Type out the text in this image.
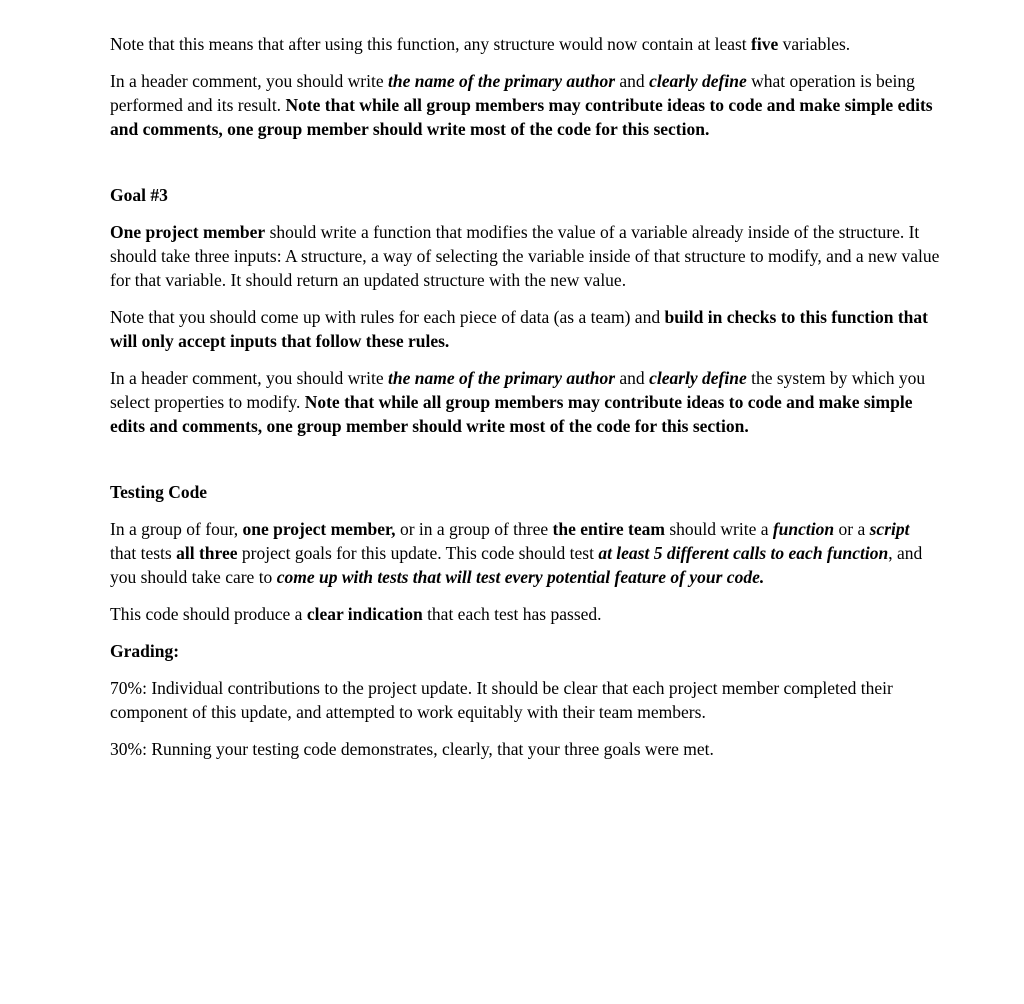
Note that this means that after using this function, any structure would now contain at least five variables.

In a header comment, you should write the name of the primary author and clearly define what operation is being performed and its result. Note that while all group members may contribute ideas to code and make simple edits and comments, one group member should write most of the code for this section.

Goal #3

One project member should write a function that modifies the value of a variable already inside of the structure. It should take three inputs: A structure, a way of selecting the variable inside of that structure to modify, and a new value for that variable. It should return an updated structure with the new value.

Note that you should come up with rules for each piece of data (as a team) and build in checks to this function that will only accept inputs that follow these rules.

In a header comment, you should write the name of the primary author and clearly define the system by which you select properties to modify. Note that while all group members may contribute ideas to code and make simple edits and comments, one group member should write most of the code for this section.

Testing Code

In a group of four, one project member, or in a group of three the entire team should write a function or a script that tests all three project goals for this update. This code should test at least 5 different calls to each function, and you should take care to come up with tests that will test every potential feature of your code.

This code should produce a clear indication that each test has passed.

Grading:

70%: Individual contributions to the project update. It should be clear that each project member completed their component of this update, and attempted to work equitably with their team members.

30%: Running your testing code demonstrates, clearly, that your three goals were met.
